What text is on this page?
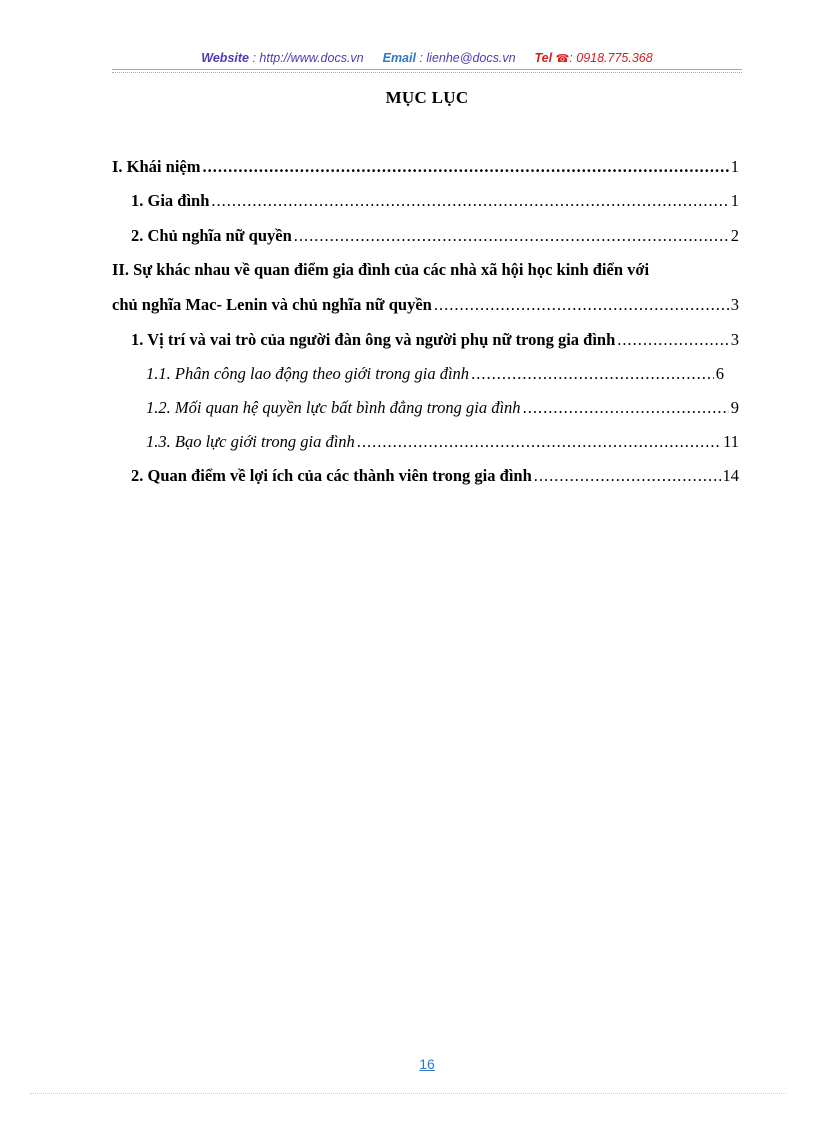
Website : http://www.docs.vn Email : lienhe@docs.vn Tel ☎: 0918.775.368
MỤC LỤC
I. Khái niệm .....	1
1. Gia đình .....	1
2. Chủ nghĩa nữ quyền .....	2
II. Sự khác nhau về quan điểm gia đình của các nhà xã hội học kinh điển với
chủ nghĩa Mac- Lenin và chủ nghĩa nữ quyền .....	3
1. Vị trí và vai trò của người đàn ông và người phụ nữ trong gia đình .....	3
1.1. Phân công lao động theo giới trong gia đình .....	6
1.2. Mối quan hệ quyền lực bất bình đẳng trong gia đình .....	9
1.3. Bạo lực giới trong gia đình .....	11
2. Quan điểm về lợi ích của các thành viên trong gia đình .....	14
16
